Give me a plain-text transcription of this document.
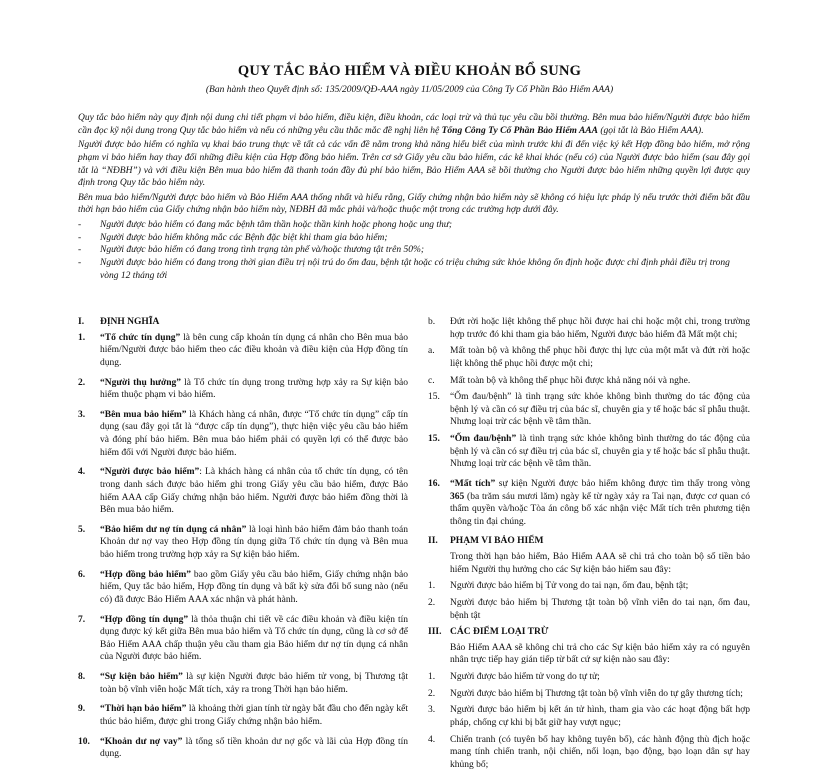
QUY TẮC BẢO HIỂM VÀ ĐIỀU KHOẢN BỔ SUNG
(Ban hành theo Quyết định số: 135/2009/QĐ-AAA ngày 11/05/2009 của Công Ty Cổ Phần Bảo Hiểm AAA)

Quy tắc bảo hiểm này quy định nội dung chi tiết phạm vi bảo hiểm, điều kiện, điều khoản, các loại trừ và thủ tục yêu cầu bồi thường. Bên mua bảo hiểm/Người được bảo hiểm cần đọc kỹ nội dung trong Quy tắc bảo hiểm và nếu có những yêu cầu thắc mắc đề nghị liên hệ Tổng Công Ty Cổ Phần Bảo Hiểm AAA (gọi tắt là Bảo Hiểm AAA).

Người được bảo hiểm có nghĩa vụ khai báo trung thực về tất cả các vấn đề nằm trong khả năng hiểu biết của mình trước khi đi đến việc ký kết Hợp đồng bảo hiểm, mở rộng phạm vi bảo hiểm hay thay đổi những điều kiện của Hợp đồng bảo hiểm. Trên cơ sở Giấy yêu cầu bảo hiểm, các kê khai khác (nếu có) của Người được bảo hiểm (sau đây gọi tắt là “NĐBH”) và với điều kiện Bên mua bảo hiểm đã thanh toán đầy đủ phí bảo hiểm, Bảo Hiểm AAA sẽ bồi thường cho Người được bảo hiểm những quyền lợi được quy định trong Quy tắc bảo hiểm này.

Bên mua bảo hiểm/Người được bảo hiểm và Bảo Hiểm AAA thống nhất và hiểu rằng, Giấy chứng nhận bảo hiểm này sẽ không có hiệu lực pháp lý nếu trước thời điểm bắt đầu thời hạn bảo hiểm của Giấy chứng nhận bảo hiểm này, NĐBH đã mắc phải và/hoặc thuộc một trong các trường hợp dưới đây.

-	Người được bảo hiểm có đang mắc bệnh tâm thần hoặc thần kinh hoặc phong hoặc ung thư;
-	Người được bảo hiểm không mắc các Bệnh đặc biệt khi tham gia bảo hiểm;
-	Người được bảo hiểm có đang trong tình trạng tàn phế và/hoặc thương tật trên 50%;
-	Người được bảo hiểm có đang trong thời gian điều trị nội trú do ốm đau, bệnh tật hoặc có triệu chứng sức khỏe không ổn định hoặc được chỉ định phải điều trị trong vòng 12 tháng tới
I.	ĐỊNH NGHĨA
1.	“Tổ chức tín dụng” là bên cung cấp khoản tín dụng cá nhân cho Bên mua bảo hiểm/Người được bảo hiểm theo các điều khoản và điều kiện của Hợp đồng tín dụng.
2.	“Người thụ hưởng” là Tổ chức tín dụng trong trường hợp xảy ra Sự kiện bảo hiểm thuộc phạm vi bảo hiểm.
3.	“Bên mua bảo hiểm” là Khách hàng cá nhân, được “Tổ chức tín dụng” cấp tín dụng (sau đây gọi tắt là “được cấp tín dụng”), thực hiện việc yêu cầu bảo hiểm và đóng phí bảo hiểm. Bên mua bảo hiểm phải có quyền lợi có thể được bảo hiểm đối với Người được bảo hiểm.
4.	“Người được bảo hiểm”: Là khách hàng cá nhân của tổ chức tín dụng, có tên trong danh sách được bảo hiểm ghi trong Giấy yêu cầu bảo hiểm, được Bảo hiểm AAA cấp Giấy chứng nhận bảo hiểm. Người được bảo hiểm đồng thời là Bên mua bảo hiểm.
5.	“Bảo hiểm dư nợ tín dụng cá nhân” là loại hình bảo hiểm đảm bảo thanh toán Khoản dư nợ vay theo Hợp đồng tín dụng giữa Tổ chức tín dụng và Bên mua bảo hiểm trong trường hợp xảy ra Sự kiện bảo hiểm.
6.	“Hợp đồng bảo hiểm” bao gồm Giấy yêu cầu bảo hiểm, Giấy chứng nhận bảo hiểm, Quy tắc bảo hiểm, Hợp đồng tín dụng và bất kỳ sửa đổi bổ sung nào (nếu có) đã được Bảo Hiểm AAA xác nhận và phát hành.
7.	“Hợp đồng tín dụng” là thỏa thuận chi tiết về các điều khoản và điều kiện tín dụng được ký kết giữa Bên mua bảo hiểm và Tổ chức tín dụng, cũng là cơ sở để Bảo Hiểm AAA chấp thuận yêu cầu tham gia Bảo hiểm dư nợ tín dụng cá nhân của Người được bảo hiểm.
8.	“Sự kiện bảo hiểm” là sự kiện Người được bảo hiểm tử vong, bị Thương tật toàn bộ vĩnh viễn hoặc Mất tích, xảy ra trong Thời hạn bảo hiểm.
9.	“Thời hạn bảo hiểm” là khoảng thời gian tính từ ngày bắt đầu cho đến ngày kết thúc bảo hiểm, được ghi trong Giấy chứng nhận bảo hiểm.
10.	“Khoản dư nợ vay” là tổng số tiền khoản dư nợ gốc và lãi của Hợp đồng tín dụng.
b.	Đứt rời hoặc liệt không thể phục hồi được hai chi hoặc một chi, trong trường hợp trước đó khi tham gia bảo hiểm, Người được bảo hiểm đã Mất một chi;
a.	Mất toàn bộ và không thể phục hồi được thị lực của một mắt và đứt rời hoặc liệt không thể phục hồi được một chi;
c.	Mất toàn bộ và không thể phục hồi được khả năng nói và nghe.
15.	“Ốm đau/bệnh” là tình trạng sức khỏe không bình thường do tác động của bệnh lý và cần có sự điều trị của bác sĩ, chuyên gia y tế hoặc bác sĩ phẫu thuật. Nhưng loại trừ các bệnh về tâm thần.
15.	“Ốm đau/bệnh” là tình trạng sức khỏe không bình thường do tác động của bệnh lý và cần có sự điều trị của bác sĩ, chuyên gia y tế hoặc bác sĩ phẫu thuật. Nhưng loại trừ các bệnh về tâm thần.
16.	“Mất tích” sự kiện Người được bảo hiểm không được tìm thấy trong vòng 365 (ba trăm sáu mươi lăm) ngày kể từ ngày xảy ra Tai nạn, được cơ quan có thẩm quyền và/hoặc Tòa án công bố xác nhận việc Mất tích trên phương tiện thông tin đại chúng.
II.	PHẠM VI BẢO HIỂM
Trong thời hạn bảo hiểm, Bảo Hiểm AAA sẽ chi trả cho toàn bộ số tiền bảo hiểm Người thụ hưởng cho các Sự kiện bảo hiểm sau đây:
1.	Người được bảo hiểm bị Tử vong do tai nạn, ốm đau, bệnh tật;
2.	Người được bảo hiểm bị Thương tật toàn bộ vĩnh viễn do tai nạn, ốm đau, bệnh tật
III. CÁC ĐIỂM LOẠI TRỪ
Bảo Hiểm AAA sẽ không chi trả cho các Sự kiện bảo hiểm xảy ra có nguyên nhân trực tiếp hay gián tiếp từ bất cứ sự kiện nào sau đây:
1.	Người được bảo hiểm tử vong do tự tử;
2.	Người được bảo hiểm bị Thương tật toàn bộ vĩnh viễn do tự gây thương tích;
3.	Người được bảo hiểm bị kết án tử hình, tham gia vào các hoạt động bất hợp pháp, chống cự khi bị bắt giữ hay vượt ngục;
4.	Chiến tranh (có tuyên bố hay không tuyên bố), các hành động thù địch hoặc mang tính chiến tranh, nội chiến, nổi loạn, bạo động, bạo loạn dân sự hay khủng bố;
